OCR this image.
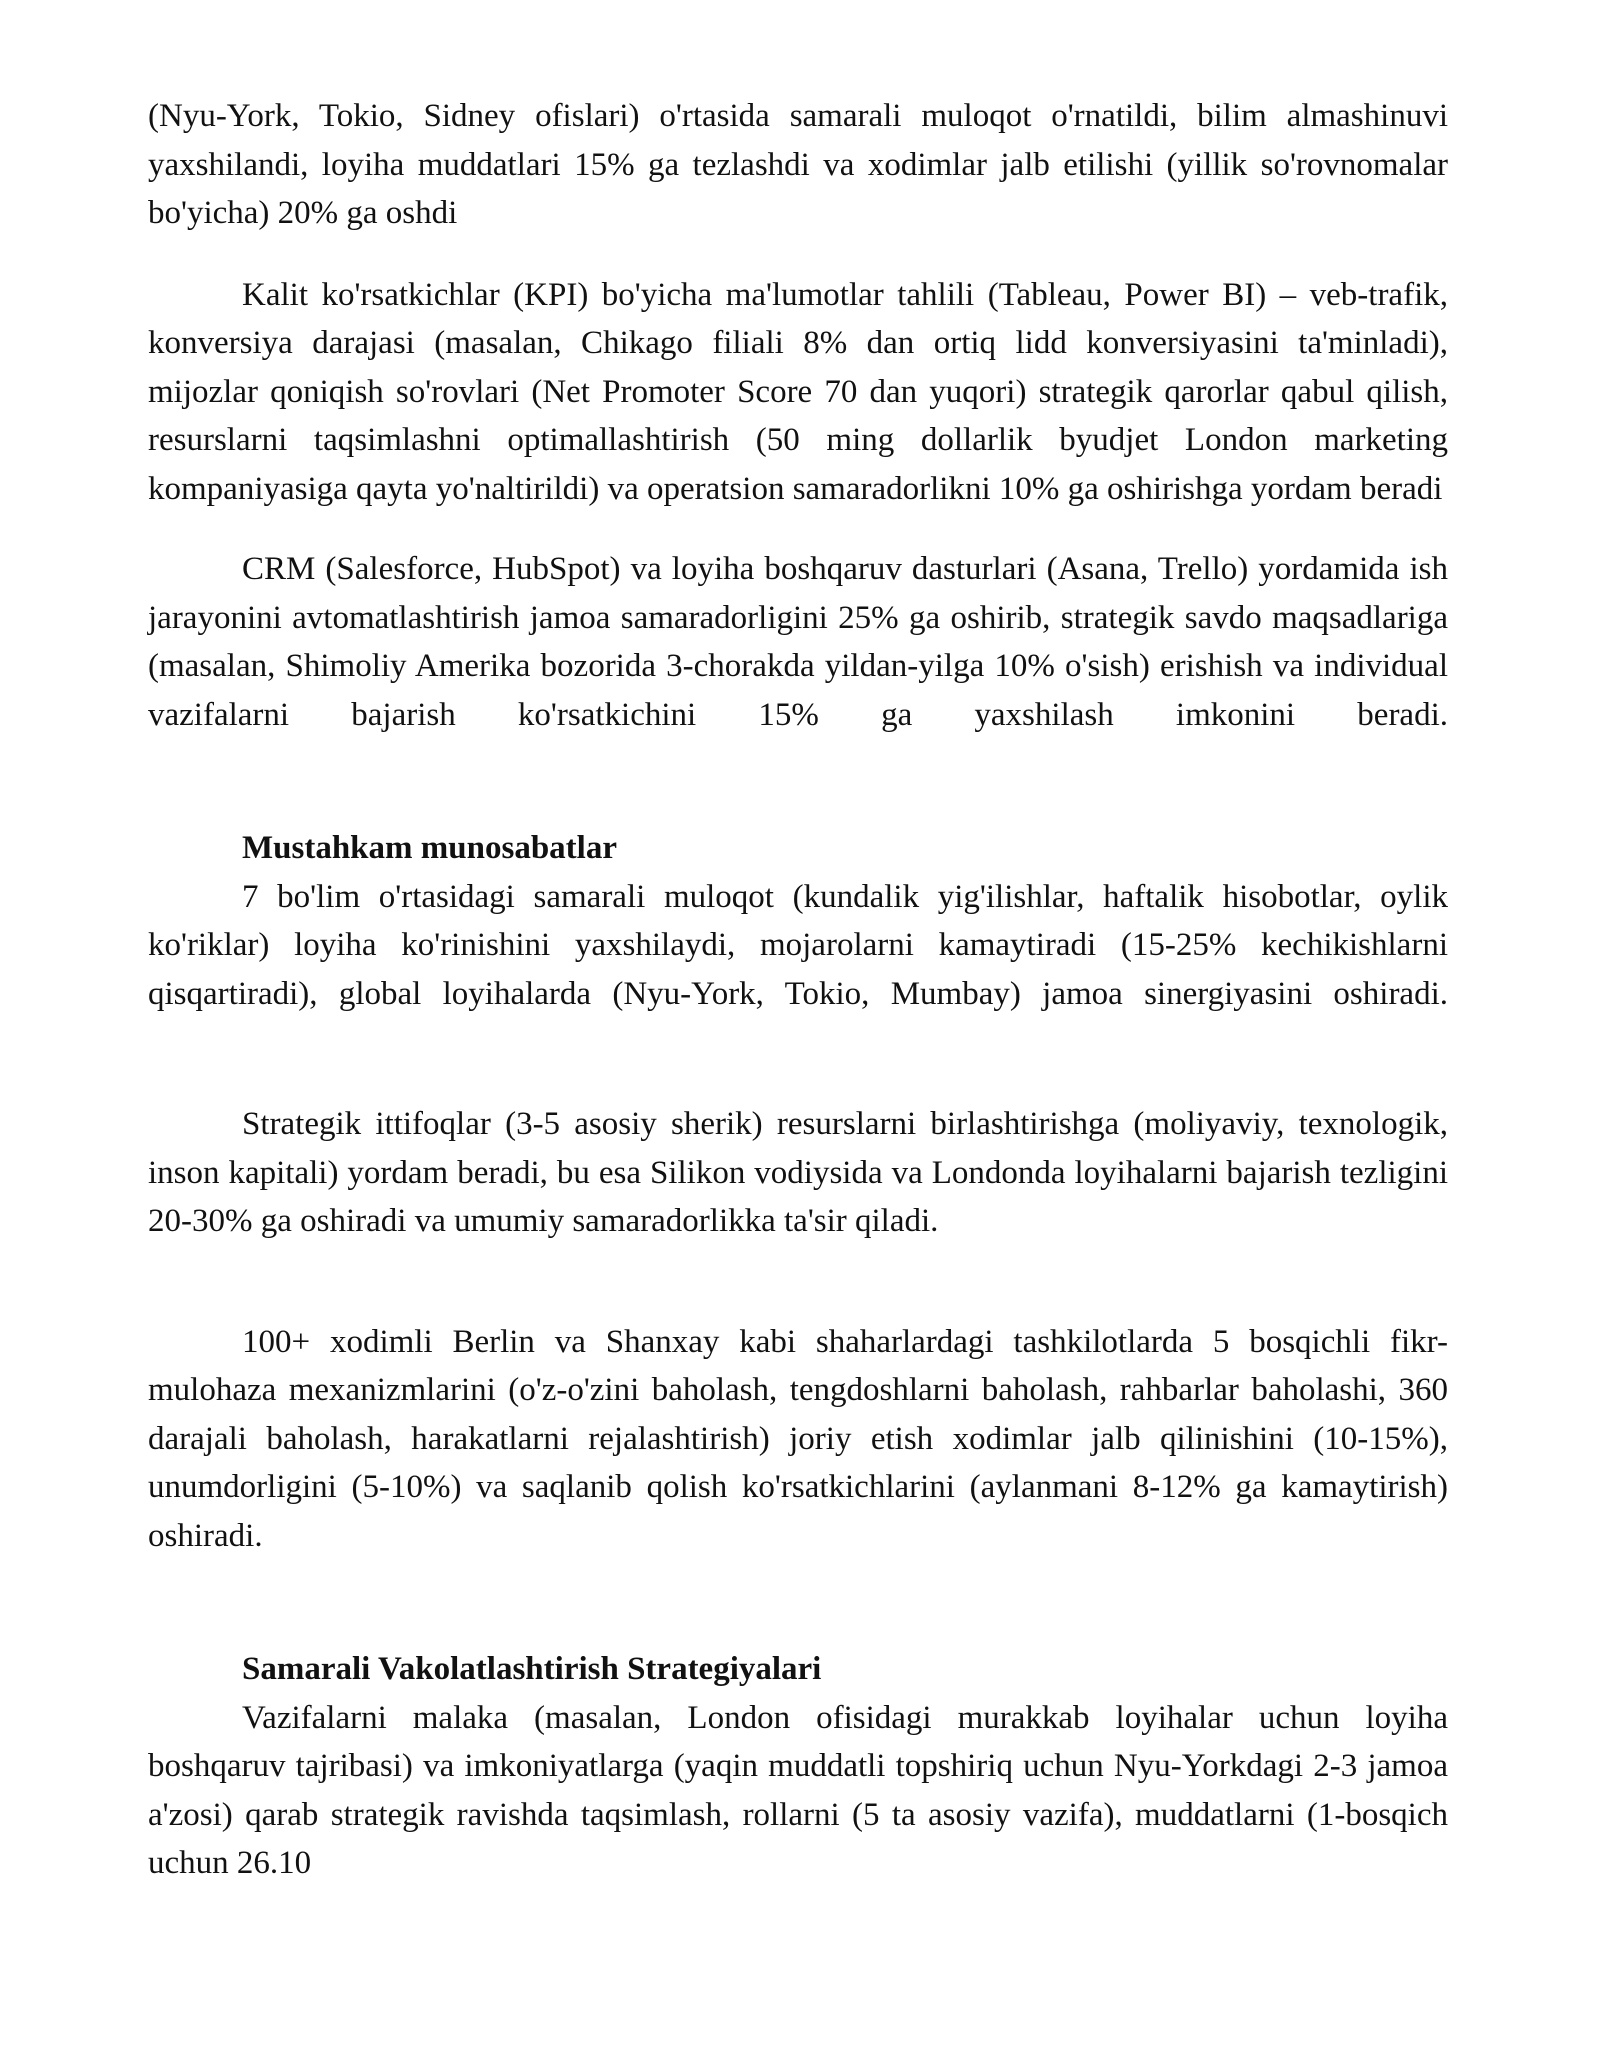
(Nyu-York, Tokio, Sidney ofislari) o'rtasida samarali muloqot o'rnatildi, bilim almashinuvi yaxshilandi, loyiha muddatlari 15% ga tezlashdi va xodimlar jalb etilishi (yillik so'rovnomalar bo'yicha) 20% ga oshdi

Kalit ko'rsatkichlar (KPI) bo'yicha ma'lumotlar tahlili (Tableau, Power BI) – veb-trafik, konversiya darajasi (masalan, Chikago filiali 8% dan ortiq lidd konversiyasini ta'minladi), mijozlar qoniqish so'rovlari (Net Promoter Score 70 dan yuqori) strategik qarorlar qabul qilish, resurslarni taqsimlashni optimallashtirish (50 ming dollarlik byudjet London marketing kompaniyasiga qayta yo'naltirildi) va operatsion samaradorlikni 10% ga oshirishga yordam beradi

CRM (Salesforce, HubSpot) va loyiha boshqaruv dasturlari (Asana, Trello) yordamida ish jarayonini avtomatlashtirish jamoa samaradorligini 25% ga oshirib, strategik savdo maqsadlariga (masalan, Shimoliy Amerika bozorida 3-chorakda yildan-yilga 10% o'sish) erishish va individual vazifalarni bajarish ko'rsatkichini 15% ga yaxshilash imkonini beradi.

Mustahkam munosabatlar

7 bo'lim o'rtasidagi samarali muloqot (kundalik yig'ilishlar, haftalik hisobotlar, oylik ko'riklar) loyiha ko'rinishini yaxshilaydi, mojarolarni kamaytiradi (15-25% kechikishlarni qisqartiradi), global loyihalarda (Nyu-York, Tokio, Mumbay) jamoa sinergiyasini oshiradi.

Strategik ittifoqlar (3-5 asosiy sherik) resurslarni birlashtirishga (moliyaviy, texnologik, inson kapitali) yordam beradi, bu esa Silikon vodiysida va Londonda loyihalarni bajarish tezligini 20-30% ga oshiradi va umumiy samaradorlikka ta'sir qiladi.

100+ xodimli Berlin va Shanxay kabi shaharlardagi tashkilotlarda 5 bosqichli fikr-mulohaza mexanizmlarini (o'z-o'zini baholash, tengdoshlarni baholash, rahbarlar baholashi, 360 darajali baholash, harakatlarni rejalashtirish) joriy etish xodimlar jalb qilinishini (10-15%), unumdorligini (5-10%) va saqlanib qolish ko'rsatkichlarini (aylanmani 8-12% ga kamaytirish) oshiradi.

Samarali Vakolatlashtirish Strategiyalari

Vazifalarni malaka (masalan, London ofisidagi murakkab loyihalar uchun loyiha boshqaruv tajribasi) va imkoniyatlarga (yaqin muddatli topshiriq uchun Nyu-Yorkdagi 2-3 jamoa a'zosi) qarab strategik ravishda taqsimlash, rollarni (5 ta asosiy vazifa), muddatlarni (1-bosqich uchun 26.10
